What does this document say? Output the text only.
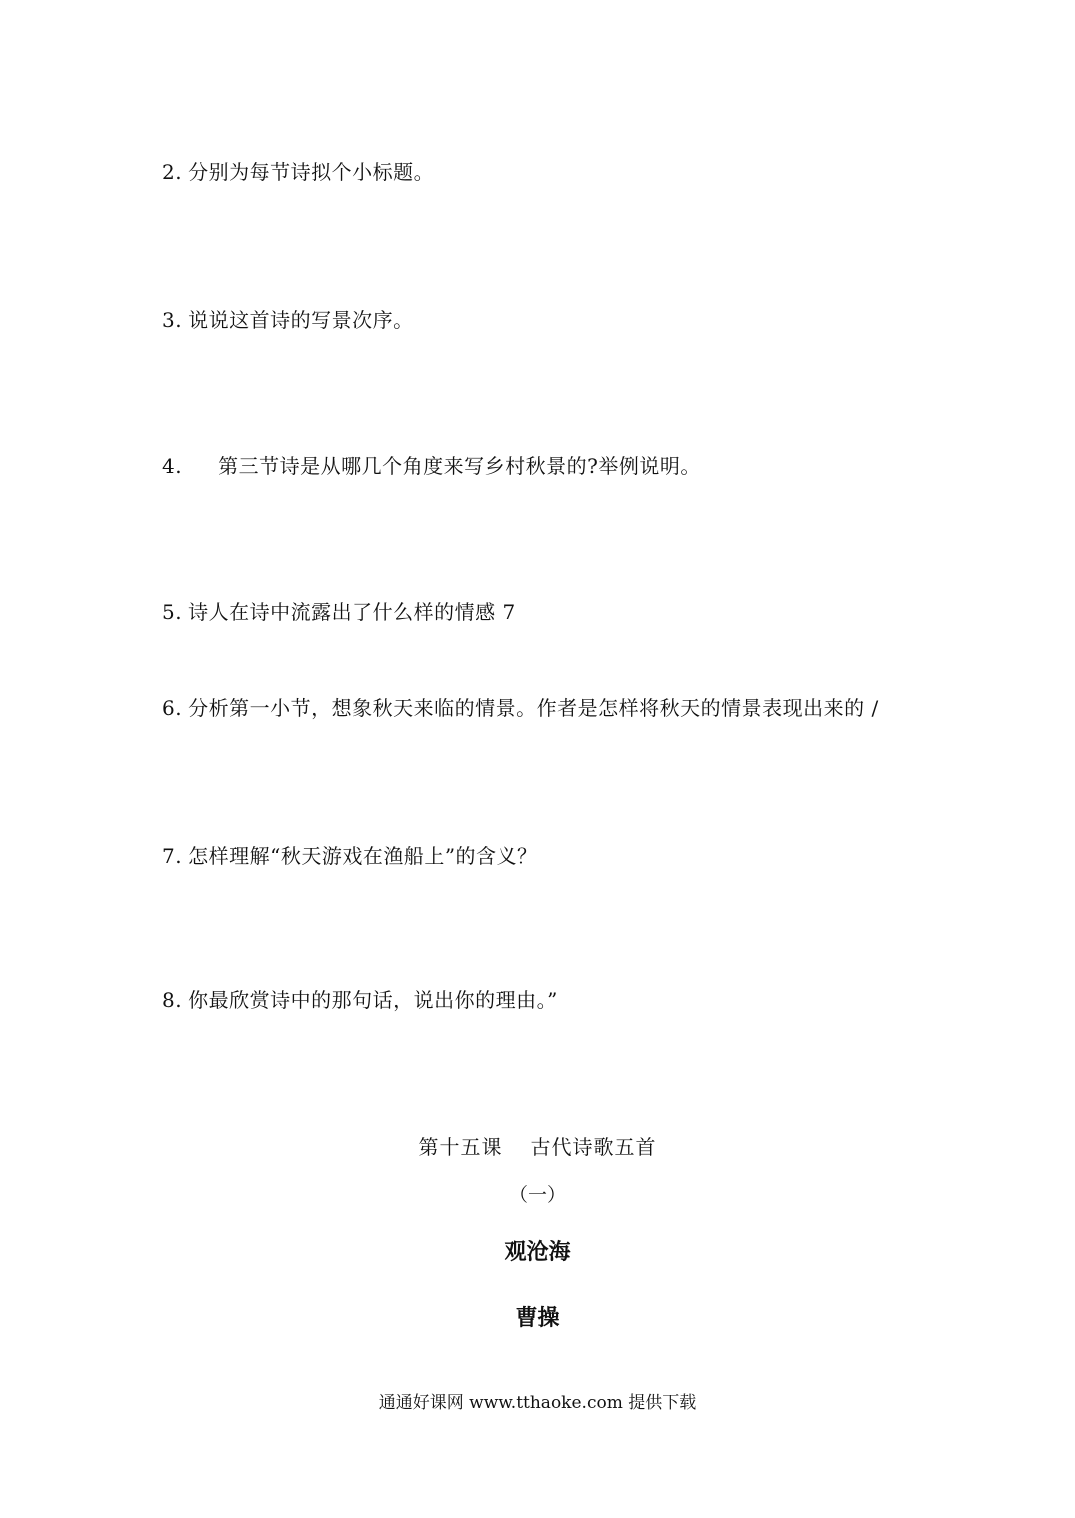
2. 分别为每节诗拟个小标题。
3. 说说这首诗的写景次序。
4. 第三节诗是从哪几个角度来写乡村秋景的?举例说明。
5. 诗人在诗中流露出了什么样的情感 7
6. 分析第一小节，想象秋天来临的情景。作者是怎样将秋天的情景表现出来的 /
7. 怎样理解“秋天游戏在渔船上”的含义？
8. 你最欣赏诗中的那句话，说出你的理由。”
第十五课 古代诗歌五首
（一）
观沧海
曹操
通通好课网 www.tthaoke.com 提供下载
